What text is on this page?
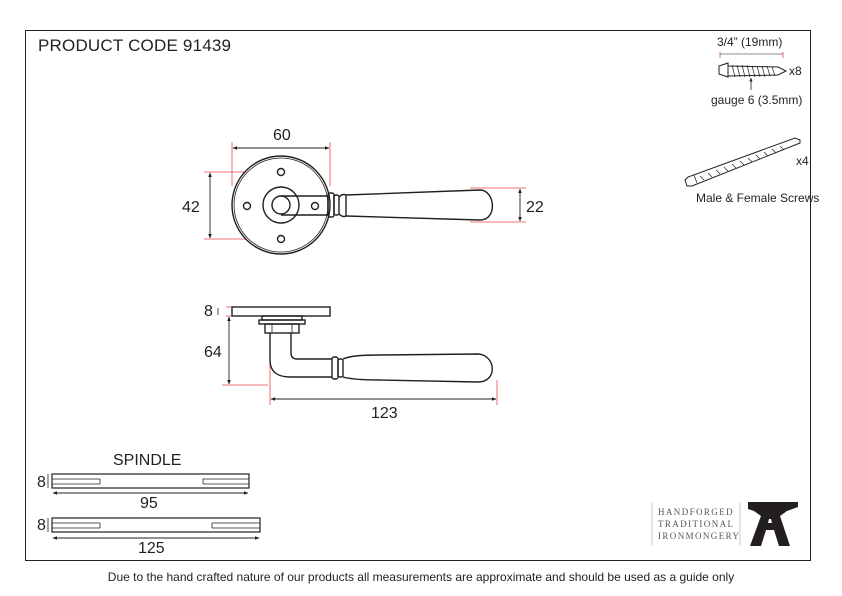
PRODUCT CODE 91439
60
42	22
8
64
123
SPINDLE
8
95
8
125
3/4” (19mm)
x8
gauge 6 (3.5mm)
x4
Male & Female Screws
HANDFORGED
TRADITIONAL
IRONMONGERY
Due to the hand crafted nature of our products all measurements are approximate and should be used as a guide only
